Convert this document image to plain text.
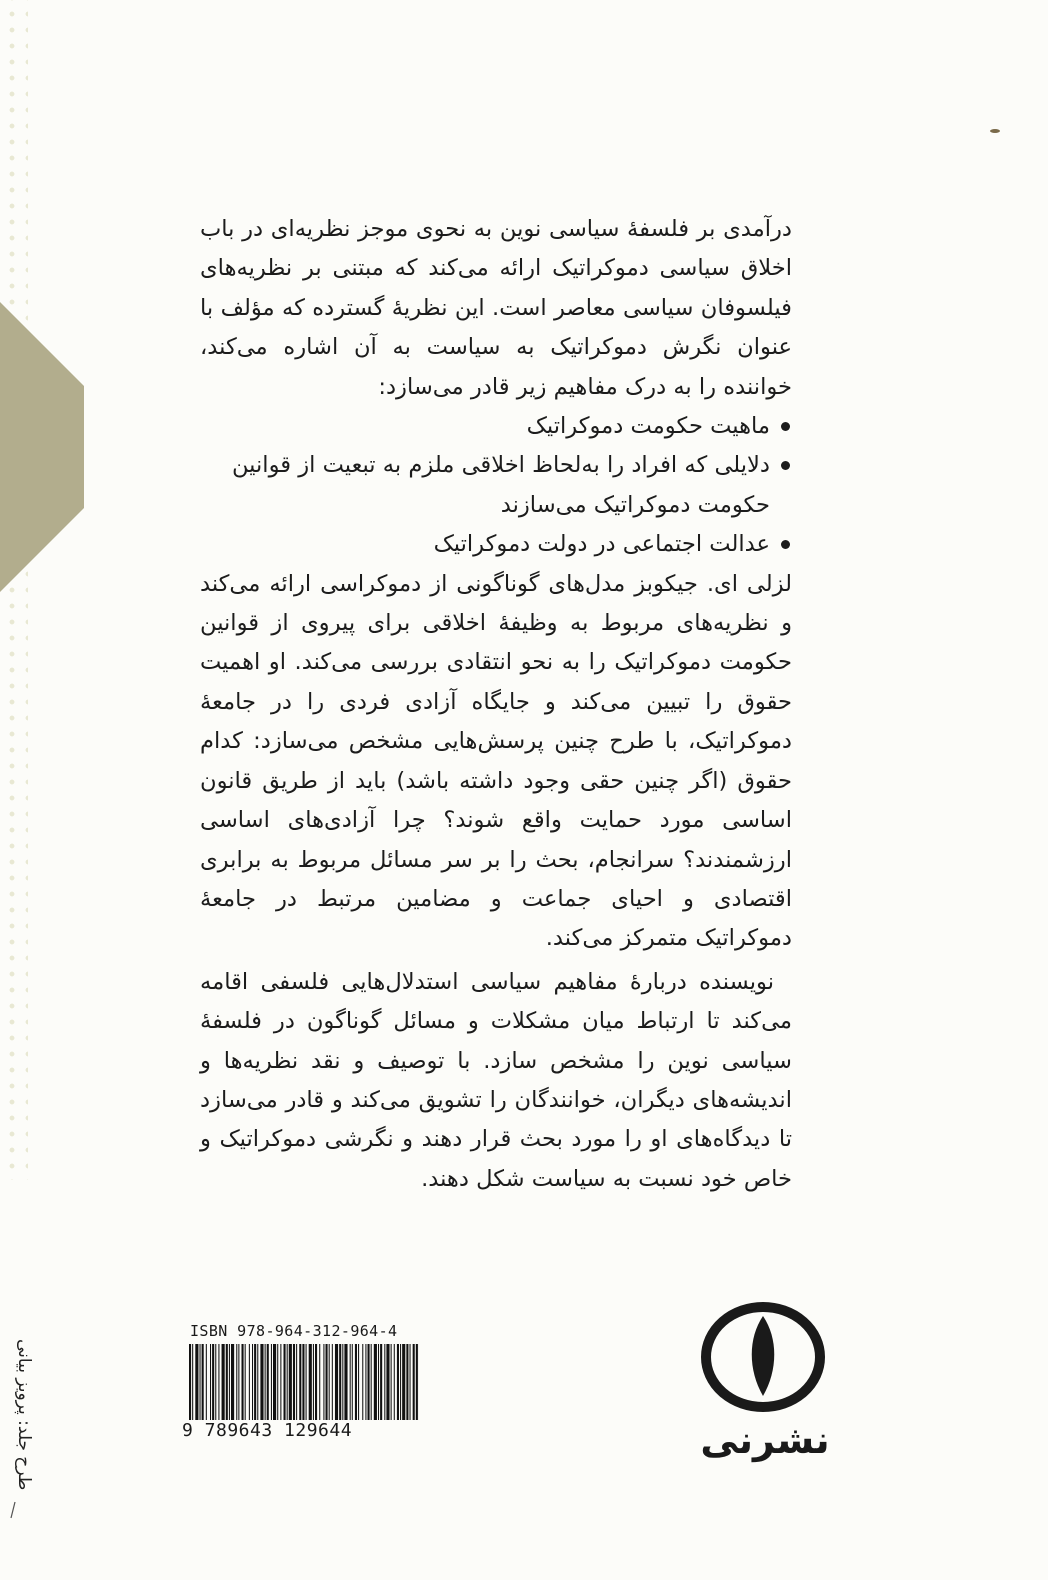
درآمدی بر فلسفهٔ سیاسی نوین به نحوی موجز نظریه‌ای در باب اخلاق سیاسی دموکراتیک ارائه می‌کند که مبتنی بر نظریه‌های فیلسوفان سیاسی معاصر است. این نظریهٔ گسترده که مؤلف با عنوان نگرش دموکراتیک به سیاست به آن اشاره می‌کند، خواننده را به درک مفاهیم زیر قادر می‌سازد:

ماهیت حکومت دموکراتیک
دلایلی که افراد را به‌لحاظ اخلاقی ملزم به تبعیت از قوانین حکومت دموکراتیک می‌سازند
عدالت اجتماعی در دولت دموکراتیک

لزلی ای. جیکوبز مدل‌های گوناگونی از دموکراسی ارائه می‌کند و نظریه‌های مربوط به وظیفهٔ اخلاقی برای پیروی از قوانین حکومت دموکراتیک را به نحو انتقادی بررسی می‌کند. او اهمیت حقوق را تبیین می‌کند و جایگاه آزادی فردی را در جامعهٔ دموکراتیک، با طرح چنین پرسش‌هایی مشخص می‌سازد: کدام حقوق (اگر چنین حقی وجود داشته باشد) باید از طریق قانون اساسی مورد حمایت واقع شوند؟ چرا آزادی‌های اساسی ارزشمندند؟ سرانجام، بحث را بر سر مسائل مربوط به برابری اقتصادی و احیای جماعت و مضامین مرتبط در جامعهٔ دموکراتیک متمرکز می‌کند.

نویسنده دربارهٔ مفاهیم سیاسی استدلال‌هایی فلسفی اقامه می‌کند تا ارتباط میان مشکلات و مسائل گوناگون در فلسفهٔ سیاسی نوین را مشخص سازد. با توصیف و نقد نظریه‌ها و اندیشه‌های دیگران، خوانندگان را تشویق می‌کند و قادر می‌سازد تا دیدگاه‌های او را مورد بحث قرار دهند و نگرشی دموکراتیک و خاص خود نسبت به سیاست شکل دهند.

ISBN 978-964-312-964-4
9 789643 129644	نشرنی
طرح جلد: پرویز بیانی
